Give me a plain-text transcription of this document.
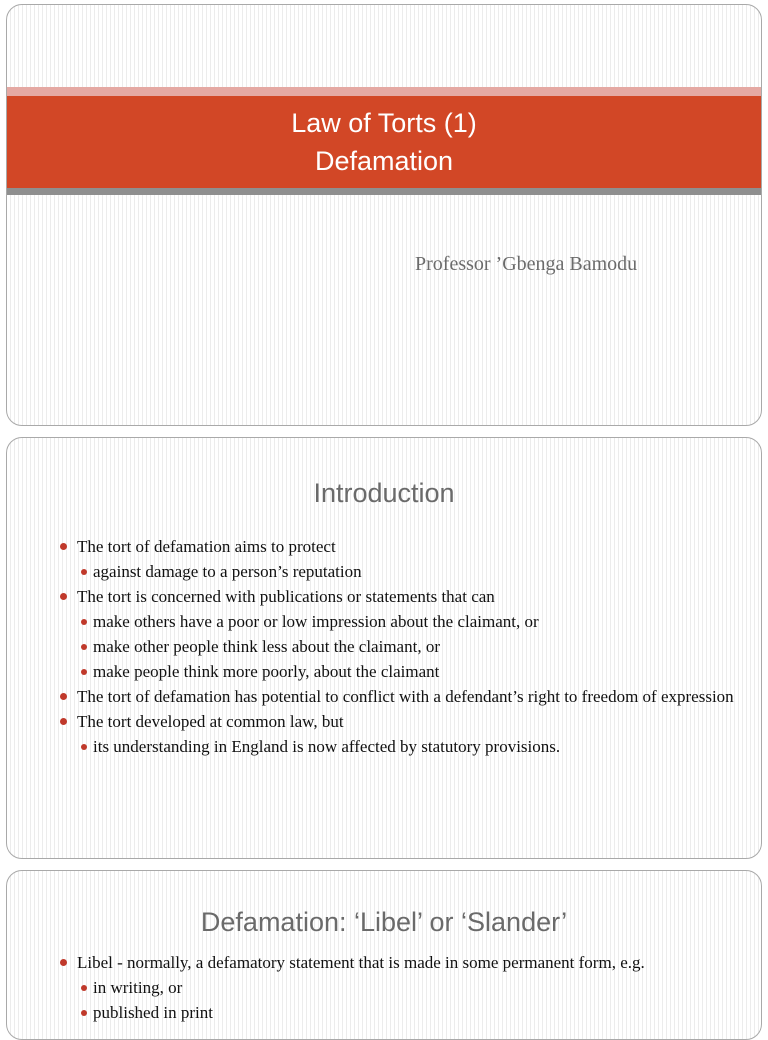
Law of Torts (1)
Defamation
Professor ’Gbenga Bamodu
Introduction
The tort of defamation aims to protect
against damage to a person’s reputation
The tort is concerned with publications or statements that can
make others have a poor or low impression about the claimant, or
make other people think less about the claimant, or
make people think more poorly, about the claimant
The tort of defamation has potential to conflict with a defendant’s right to freedom of expression
The tort developed at common law, but
its understanding in England is now affected by statutory provisions.
Defamation: ‘Libel’ or ‘Slander’
Libel - normally, a defamatory statement that is made in some permanent form, e.g.
in writing, or
published in print
